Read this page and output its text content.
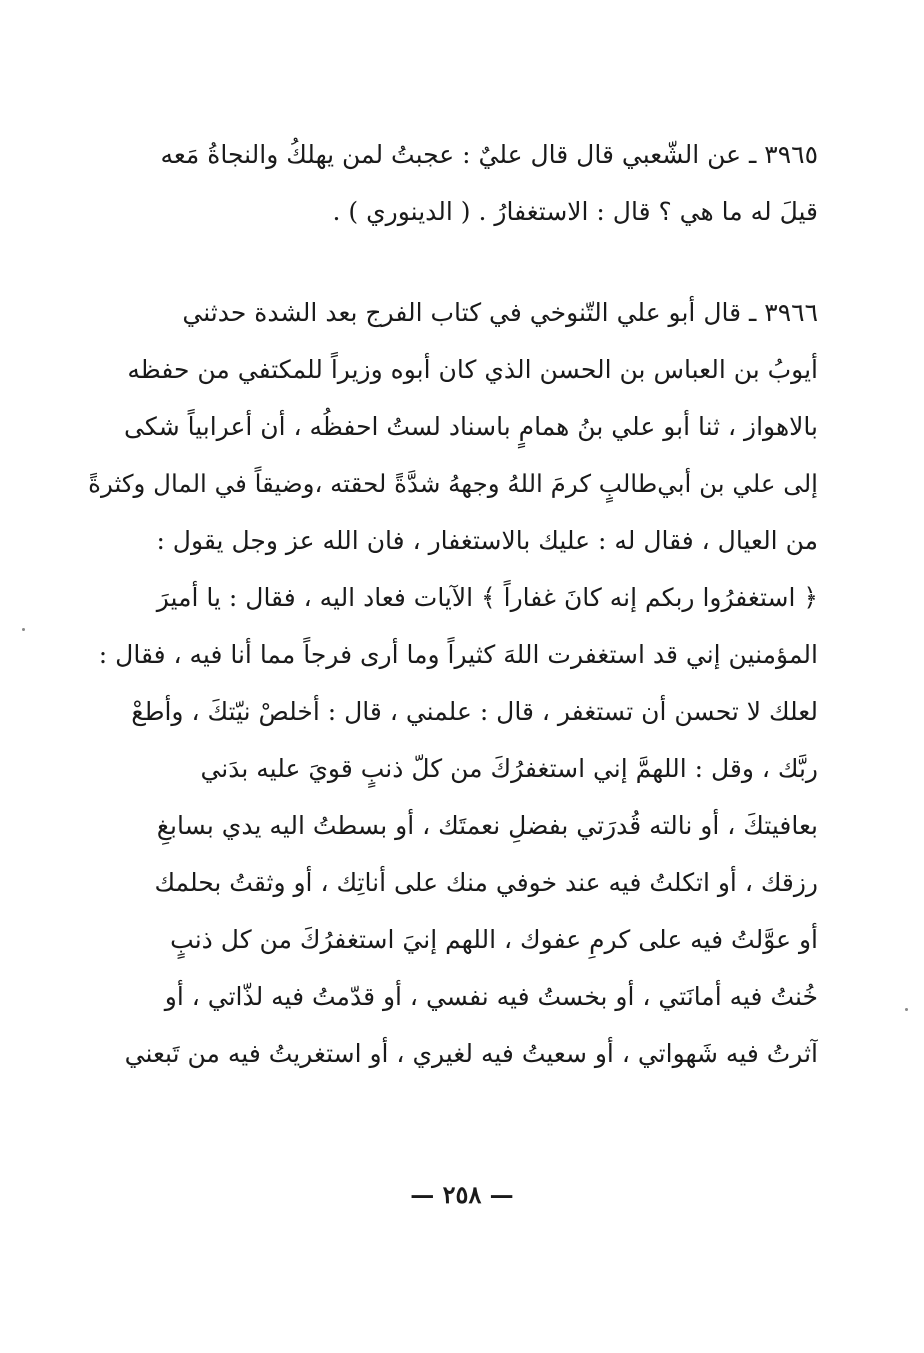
٣٩٦٥ ـ عن الشّعبي قال قال عليٌ : عجبتُ لمن يهلكُ والنجاةُ مَعه
قيلَ له ما هي ؟ قال : الاستغفارُ . ( الدينوري ) .
٣٩٦٦ ـ قال أبو علي التّنوخي في كتاب الفرج بعد الشدة حدثني
أيوبُ بن العباس بن الحسن الذي كان أبوه وزيراً للمكتفي من حفظه
بالاهواز ، ثنا أبو علي بنُ همامٍ باسناد لستُ احفظُه ، أن أعرابياً شكى
إلى علي بن أبي‌طالبٍ كرمَ اللهُ وجههُ شدَّةً لحقته ،وضيقاً في المال وكثرةً
من العيال ، فقال له : عليك بالاستغفار ، فان الله عز وجل يقول :
﴿ استغفرُوا ربكم إنه كانَ غفاراً ﴾ الآيات فعاد اليه ، فقال : يا أميرَ
المؤمنين إني قد استغفرت اللهَ كثيراً وما أرى فرجاً مما أنا فيه ، فقال :
لعلك لا تحسن أن تستغفر ، قال : علمني ، قال : أخلصْ نيّتكَ ، وأطعْ
ربَّك ، وقل : اللهمَّ إني استغفرُكَ من كلّ ذنبٍ قويَ عليه بدَني
بعافيتكَ ، أو نالته قُدرَتي بفضلِ نعمتَك ، أو بسطتُ اليه يدي بسابغِ
رزقك ، أو اتكلتُ فيه عند خوفي منك على أناتِك ، أو وثقتُ بحلمك
أو عوَّلتُ فيه على كرمِ عفوك ، اللهم إنيَ استغفرُكَ من كل ذنبٍ
خُنتُ فيه أمانَتي ، أو بخستُ فيه نفسي ، أو قدّمتُ فيه لذّاتي ، أو
آثرتُ فيه شَهواتي ، أو سعيتُ فيه لغيري ، أو استغريتُ فيه من تَبعني
— ٢٥٨ —
